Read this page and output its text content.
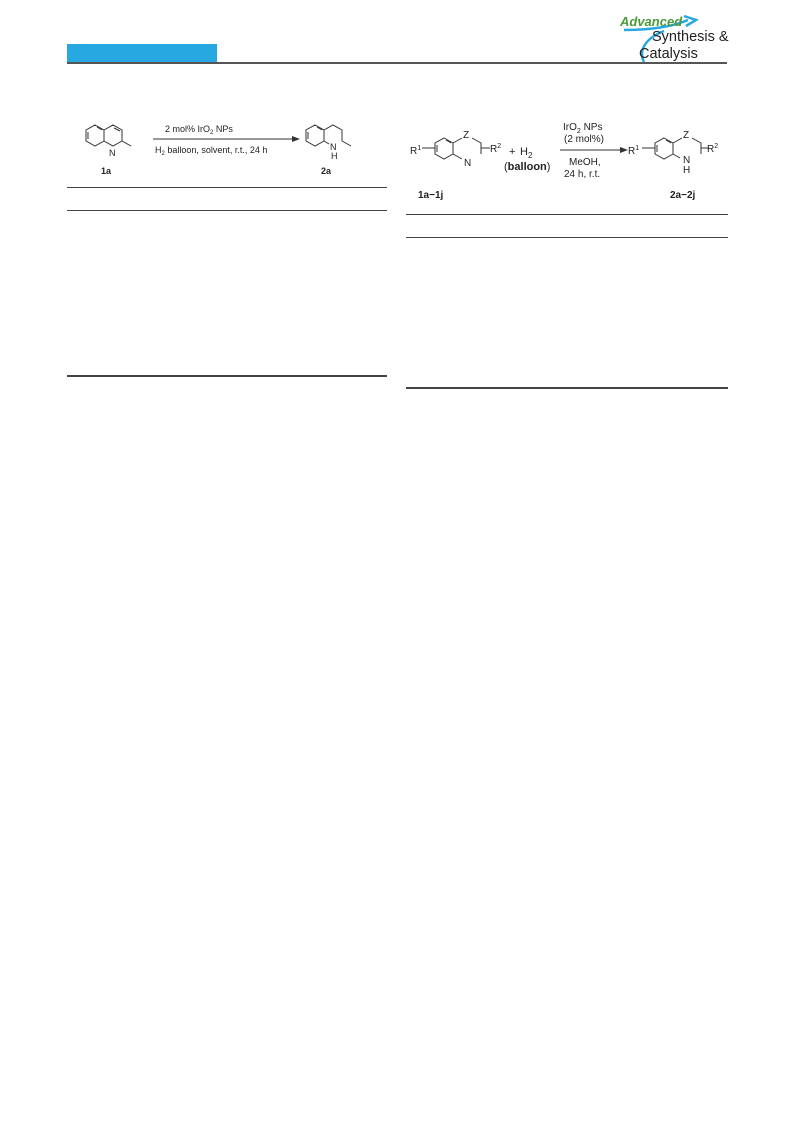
Advanced
Synthesis &
Catalysis
N
1a
2 mol% IrO$_2$ NPs
$H_2$ balloon, solvent, r.t., 24 h	N
H
2a
$R^1$
Z
N
$R^2 + H_2$
(balloon)
IrO$_2$ NPs
(2 mol%)
MeOH,
24 h, r.t.
$R^1$
Z
N
H
$R^2$
1a−1j	2a−2j
